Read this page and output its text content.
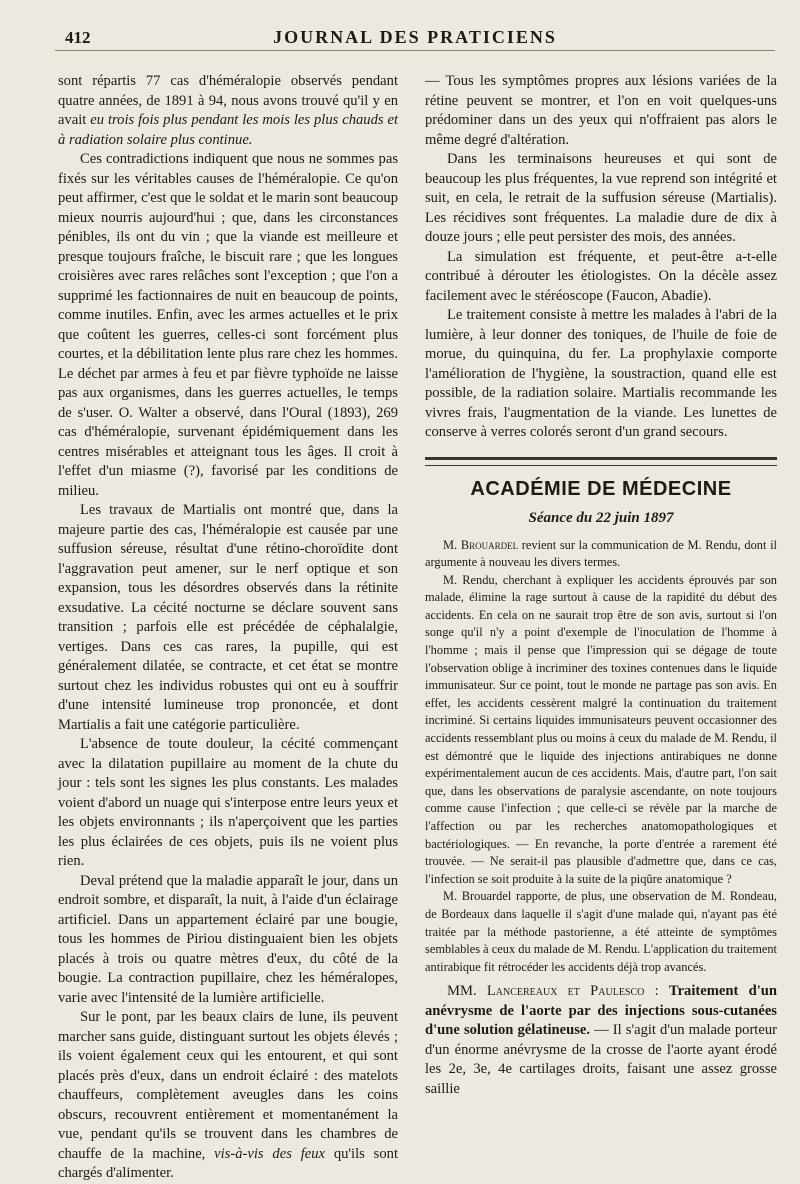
412	JOURNAL DES PRATICIENS

sont répartis 77 cas d'héméralopie observés pendant quatre années, de 1891 à 94, nous avons trouvé qu'il y en avait eu trois fois plus pendant les mois les plus chauds et à radiation solaire plus continue.

Ces contradictions indiquent que nous ne sommes pas fixés sur les véritables causes de l'héméralopie. Ce qu'on peut affirmer, c'est que le soldat et le marin sont beaucoup mieux nourris aujourd'hui ; que, dans les circonstances pénibles, ils ont du vin ; que la viande est meilleure et presque toujours fraîche, le biscuit rare ; que les longues croisières avec rares relâches sont l'exception ; que l'on a supprimé les factionnaires de nuit en beaucoup de points, comme inutiles. Enfin, avec les armes actuelles et le prix que coûtent les guerres, celles-ci sont forcément plus courtes, et la débilitation lente plus rare chez les hommes. Le déchet par armes à feu et par fièvre typhoïde ne laisse pas aux organismes, dans les guerres actuelles, le temps de s'user. O. Walter a observé, dans l'Oural (1893), 269 cas d'héméralopie, survenant épidémiquement dans les centres misérables et atteignant tous les âges. Il croit à l'effet d'un miasme (?), favorisé par les conditions de milieu.

Les travaux de Martialis ont montré que, dans la majeure partie des cas, l'héméralopie est causée par une suffusion séreuse, résultat d'une rétino-choroïdite dont l'aggravation peut amener, sur le nerf optique et son expansion, tous les désordres observés dans la rétinite exsudative. La cécité nocturne se déclare souvent sans transition ; parfois elle est précédée de céphalalgie, vertiges. Dans ces cas rares, la pupille, qui est généralement dilatée, se contracte, et cet état se montre surtout chez les individus robustes qui ont eu à souffrir d'une intensité lumineuse trop prononcée, et dont Martialis a fait une catégorie particulière.

L'absence de toute douleur, la cécité commençant avec la dilatation pupillaire au moment de la chute du jour : tels sont les signes les plus constants. Les malades voient d'abord un nuage qui s'interpose entre leurs yeux et les objets environnants ; ils n'aperçoivent que les parties les plus éclairées de ces objets, puis ils ne voient plus rien.

Deval prétend que la maladie apparaît le jour, dans un endroit sombre, et disparaît, la nuit, à l'aide d'un éclairage artificiel. Dans un appartement éclairé par une bougie, tous les hommes de Piriou distinguaient bien les objets placés à trois ou quatre mètres d'eux, du côté de la bougie. La contraction pupillaire, chez les héméralopes, varie avec l'intensité de la lumière artificielle.

Sur le pont, par les beaux clairs de lune, ils peuvent marcher sans guide, distinguant surtout les objets élevés ; ils voient également ceux qui les entourent, et qui sont placés près d'eux, dans un endroit éclairé : des matelots chauffeurs, complètement aveugles dans les coins obscurs, recouvrent entièrement et momentanément la vue, pendant qu'ils se trouvent dans les chambres de chauffe de la machine, vis-à-vis des feux qu'ils sont chargés d'alimenter.

— Tous les symptômes propres aux lésions variées de la rétine peuvent se montrer, et l'on en voit quelques-uns prédominer dans un des yeux qui n'offraient pas alors le même degré d'altération.

Dans les terminaisons heureuses et qui sont de beaucoup les plus fréquentes, la vue reprend son intégrité et suit, en cela, le retrait de la suffusion séreuse (Martialis). Les récidives sont fréquentes. La maladie dure de dix à douze jours ; elle peut persister des mois, des années.

La simulation est fréquente, et peut-être a-t-elle contribué à dérouter les étiologistes. On la décèle assez facilement avec le stéréoscope (Faucon, Abadie).

Le traitement consiste à mettre les malades à l'abri de la lumière, à leur donner des toniques, de l'huile de foie de morue, du quinquina, du fer. La prophylaxie comporte l'amélioration de l'hygiène, la soustraction, quand elle est possible, de la radiation solaire. Martialis recommande les vivres frais, l'augmentation de la viande. Les lunettes de conserve à verres colorés seront d'un grand secours.

ACADÉMIE DE MÉDECINE
Séance du 22 juin 1897

M. Brouardel revient sur la communication de M. Rendu, dont il argumente à nouveau les divers termes.

M. Rendu, cherchant à expliquer les accidents éprouvés par son malade, élimine la rage surtout à cause de la rapidité du début des accidents. En cela on ne saurait trop être de son avis, surtout si l'on songe qu'il n'y a point d'exemple de l'inoculation de l'homme à l'homme ; mais il pense que l'impression qui se dégage de toute l'observation oblige à incriminer des toxines contenues dans le liquide immunisateur. Sur ce point, tout le monde ne partage pas son avis. En effet, les accidents cessèrent malgré la continuation du traitement incriminé. Si certains liquides immunisateurs peuvent occasionner des accidents ressemblant plus ou moins à ceux du malade de M. Rendu, il est démontré que le liquide des injections antirabiques ne donne expérimentalement aucun de ces accidents. Mais, d'autre part, l'on sait que, dans les observations de paralysie ascendante, on note toujours comme cause l'infection ; que celle-ci se révèle par la marche de l'affection ou par les recherches anatomopathologiques et bactériologiques. — En revanche, la porte d'entrée a rarement été trouvée. — Ne serait-il pas plausible d'admettre que, dans ce cas, l'infection se soit produite à la suite de la piqûre anatomique ?

M. Brouardel rapporte, de plus, une observation de M. Rondeau, de Bordeaux dans laquelle il s'agit d'une malade qui, n'ayant pas été traitée par la méthode pastorienne, a été atteinte de symptômes semblables à ceux du malade de M. Rendu. L'application du traitement antirabique fit rétrocéder les accidents déjà trop avancés.

MM. Lancereaux et Paulesco : Traitement d'un anévrysme de l'aorte par des injections sous-cutanées d'une solution gélatineuse. — Il s'agit d'un malade porteur d'un énorme anévrysme de la crosse de l'aorte ayant érodé les 2e, 3e, 4e cartilages droits, faisant une assez grosse saillie
